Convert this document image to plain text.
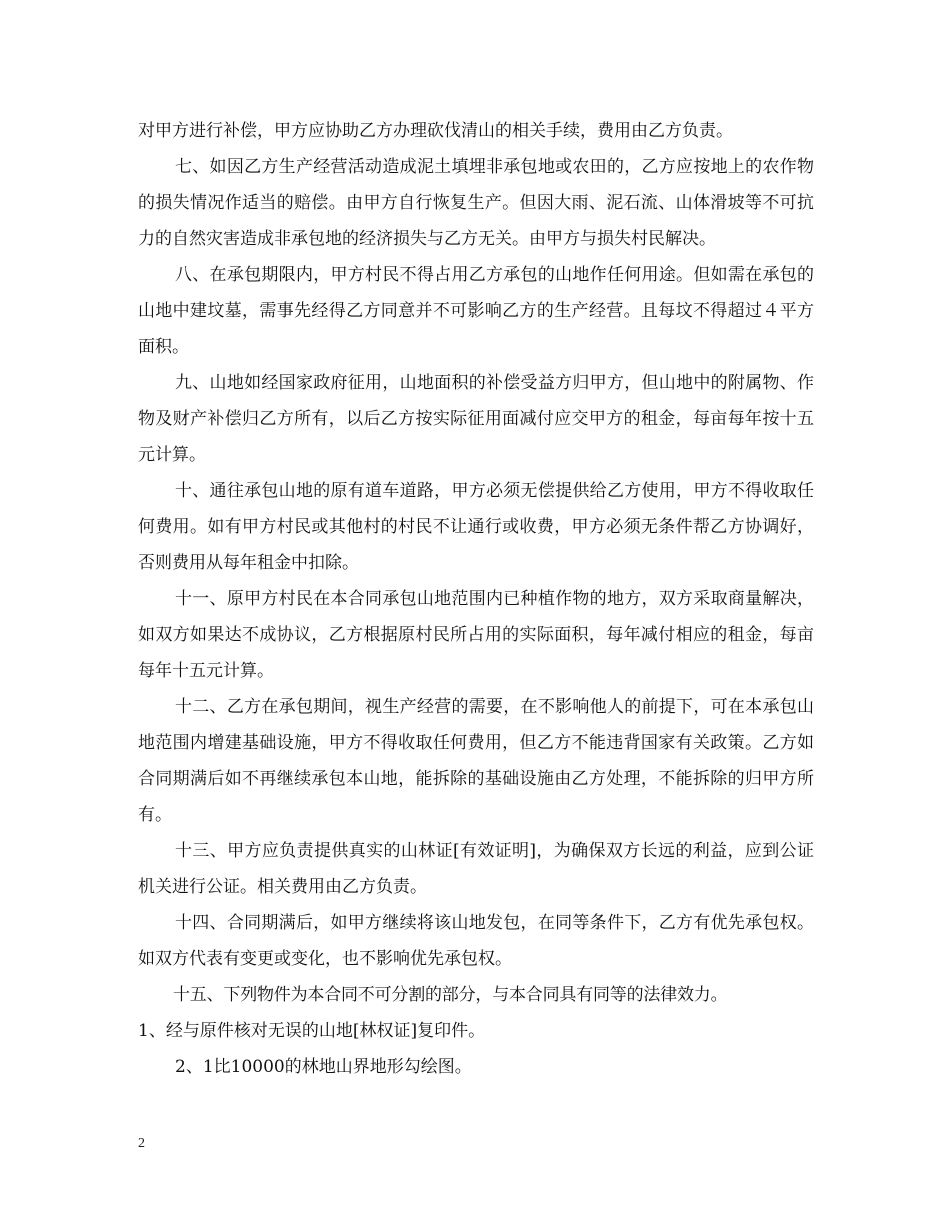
对甲方进行补偿，甲方应协助乙方办理砍伐清山的相关手续，费用由乙方负责。

七、如因乙方生产经营活动造成泥土填埋非承包地或农田的，乙方应按地上的农作物的损失情况作适当的赔偿。由甲方自行恢复生产。但因大雨、泥石流、山体滑坡等不可抗力的自然灾害造成非承包地的经济损失与乙方无关。由甲方与损失村民解决。

八、在承包期限内，甲方村民不得占用乙方承包的山地作任何用途。但如需在承包的山地中建坟墓，需事先经得乙方同意并不可影响乙方的生产经营。且每坟不得超过４平方面积。

九、山地如经国家政府征用，山地面积的补偿受益方归甲方，但山地中的附属物、作物及财产补偿归乙方所有，以后乙方按实际征用面减付应交甲方的租金，每亩每年按十五元计算。

十、通往承包山地的原有道车道路，甲方必须无偿提供给乙方使用，甲方不得收取任何费用。如有甲方村民或其他村的村民不让通行或收费，甲方必须无条件帮乙方协调好，否则费用从每年租金中扣除。

十一、原甲方村民在本合同承包山地范围内已种植作物的地方，双方采取商量解决，如双方如果达不成协议，乙方根据原村民所占用的实际面积，每年减付相应的租金，每亩每年十五元计算。

十二、乙方在承包期间，视生产经营的需要，在不影响他人的前提下，可在本承包山地范围内增建基础设施，甲方不得收取任何费用，但乙方不能违背国家有关政策。乙方如合同期满后如不再继续承包本山地，能拆除的基础设施由乙方处理，不能拆除的归甲方所有。

十三、甲方应负责提供真实的山林证[有效证明]，为确保双方长远的利益，应到公证机关进行公证。相关费用由乙方负责。

十四、合同期满后，如甲方继续将该山地发包，在同等条件下，乙方有优先承包权。如双方代表有变更或变化，也不影响优先承包权。

十五、下列物件为本合同不可分割的部分，与本合同具有同等的法律效力。

1、经与原件核对无误的山地[林权证]复印件。

2、1比10000的林地山界地形勾绘图。

2
